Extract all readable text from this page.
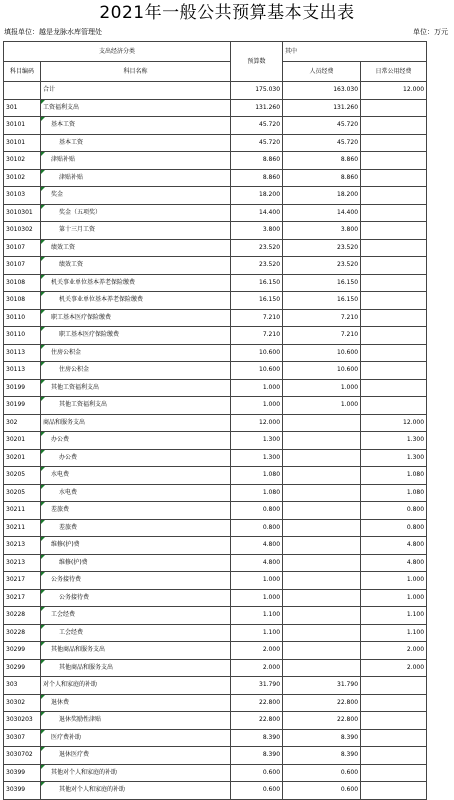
2021年一般公共预算基本支出表
填报单位：越是龙脉水库管理处	单位：万元
支出经济分类		预算数	其中	
科目编码	科目名称		人员经费	日常公用经费
	合计	175.030	163.030	12.000
301	工资福利支出	131.260	131.260	
30101	基本工资	45.720	45.720	
30101	基本工资	45.720	45.720	
30102	津贴补贴	8.860	8.860	
30102	津贴补贴	8.860	8.860	
30103	奖金	18.200	18.200	
3010301	奖金（五项奖）	14.400	14.400	
3010302	第十三月工资	3.800	3.800	
30107	绩效工资	23.520	23.520	
30107	绩效工资	23.520	23.520	
30108	机关事业单位基本养老保险缴费	16.150	16.150	
30108	机关事业单位基本养老保险缴费	16.150	16.150	
30110	职工基本医疗保险缴费	7.210	7.210	
30110	职工基本医疗保险缴费	7.210	7.210	
30113	住房公积金	10.600	10.600	
30113	住房公积金	10.600	10.600	
30199	其他工资福利支出	1.000	1.000	
30199	其他工资福利支出	1.000	1.000	
302	商品和服务支出	12.000		12.000
30201	办公费	1.300		1.300
30201	办公费	1.300		1.300
30205	水电费	1.080		1.080
30205	水电费	1.080		1.080
30211	差旅费	0.800		0.800
30211	差旅费	0.800		0.800
30213	维修(护)费	4.800		4.800
30213	维修(护)费	4.800		4.800
30217	公务接待费	1.000		1.000
30217	公务接待费	1.000		1.000
30228	工会经费	1.100		1.100
30228	工会经费	1.100		1.100
30299	其他商品和服务支出	2.000		2.000
30299	其他商品和服务支出	2.000		2.000
303	对个人和家庭的补助	31.790	31.790	
30302	退休费	22.800	22.800	
3030203	退休奖励性津贴	22.800	22.800	
30307	医疗费补助	8.390	8.390	
3030702	退休医疗费	8.390	8.390	
30399	其他对个人和家庭的补助	0.600	0.600	
30399	其他对个人和家庭的补助	0.600	0.600	
